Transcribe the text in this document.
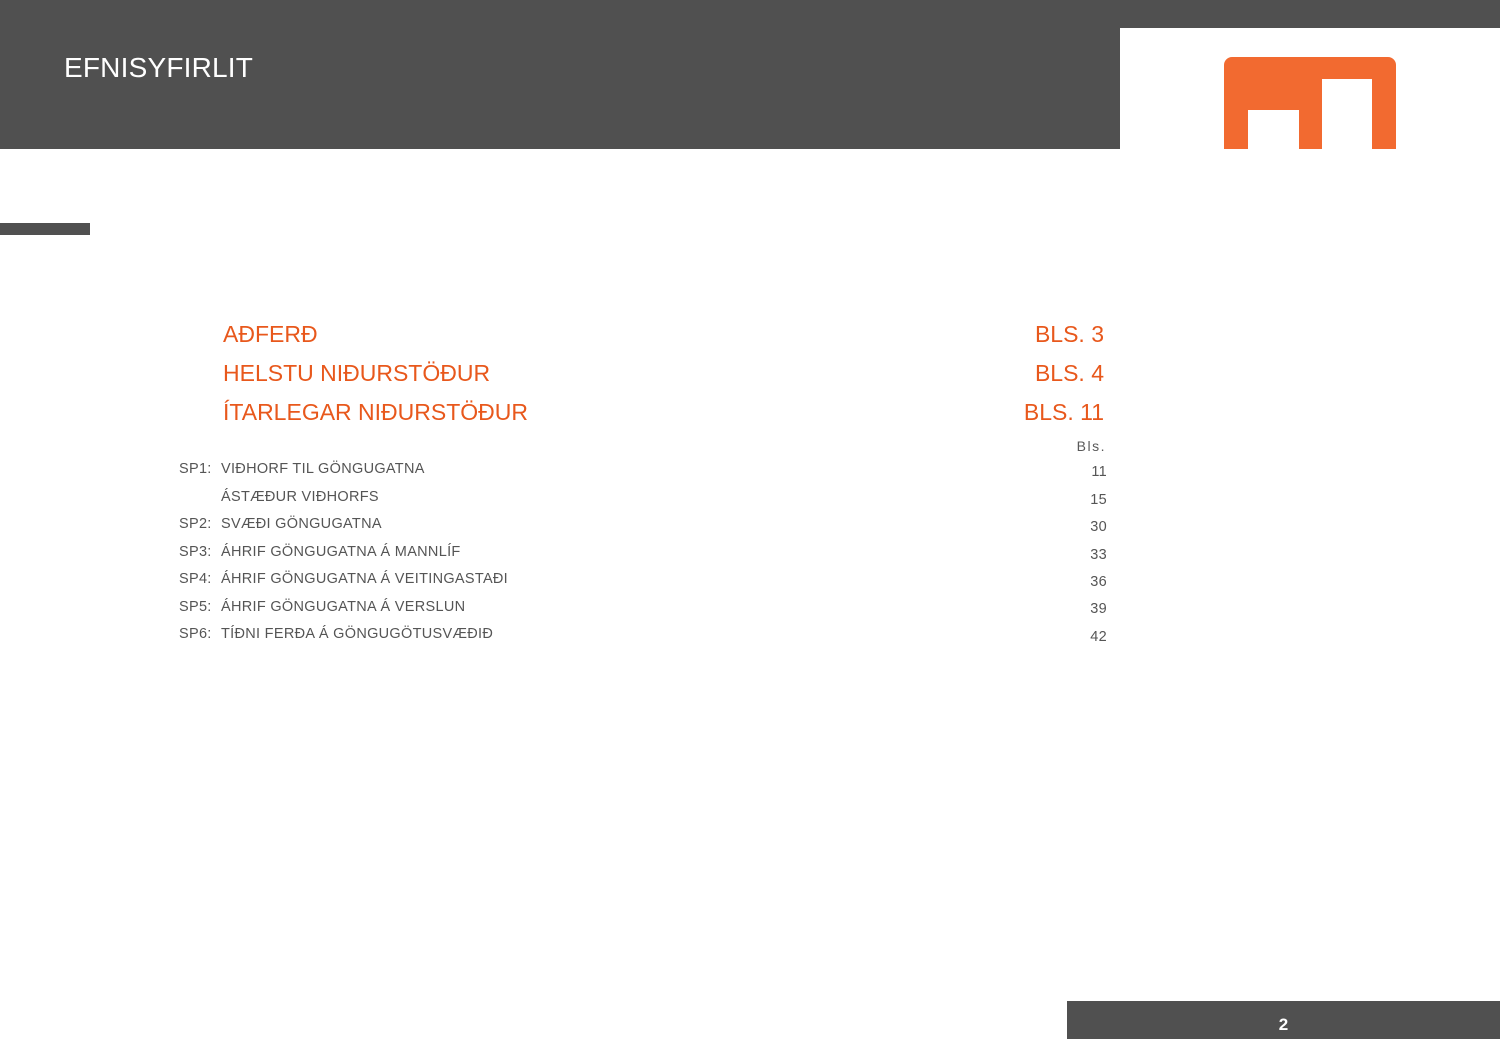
EFNISYFIRLIT
AÐFERÐ	BLS. 3
HELSTU NIÐURSTÖÐUR	BLS. 4
ÍTARLEGAR NIÐURSTÖÐUR	BLS. 11
Bls.
SP1: VIÐHORF TIL GÖNGUGATNA	11
ÁSTÆÐUR VIÐHORFS	15
SP2: SVÆÐI GÖNGUGATNA	30
SP3: ÁHRIF GÖNGUGATNA Á MANNLÍF	33
SP4: ÁHRIF GÖNGUGATNA Á VEITINGASTAÐI	36
SP5: ÁHRIF GÖNGUGATNA Á VERSLUN	39
SP6: TÍÐNI FERÐA Á GÖNGUGÖTUSVÆÐIÐ	42
2
